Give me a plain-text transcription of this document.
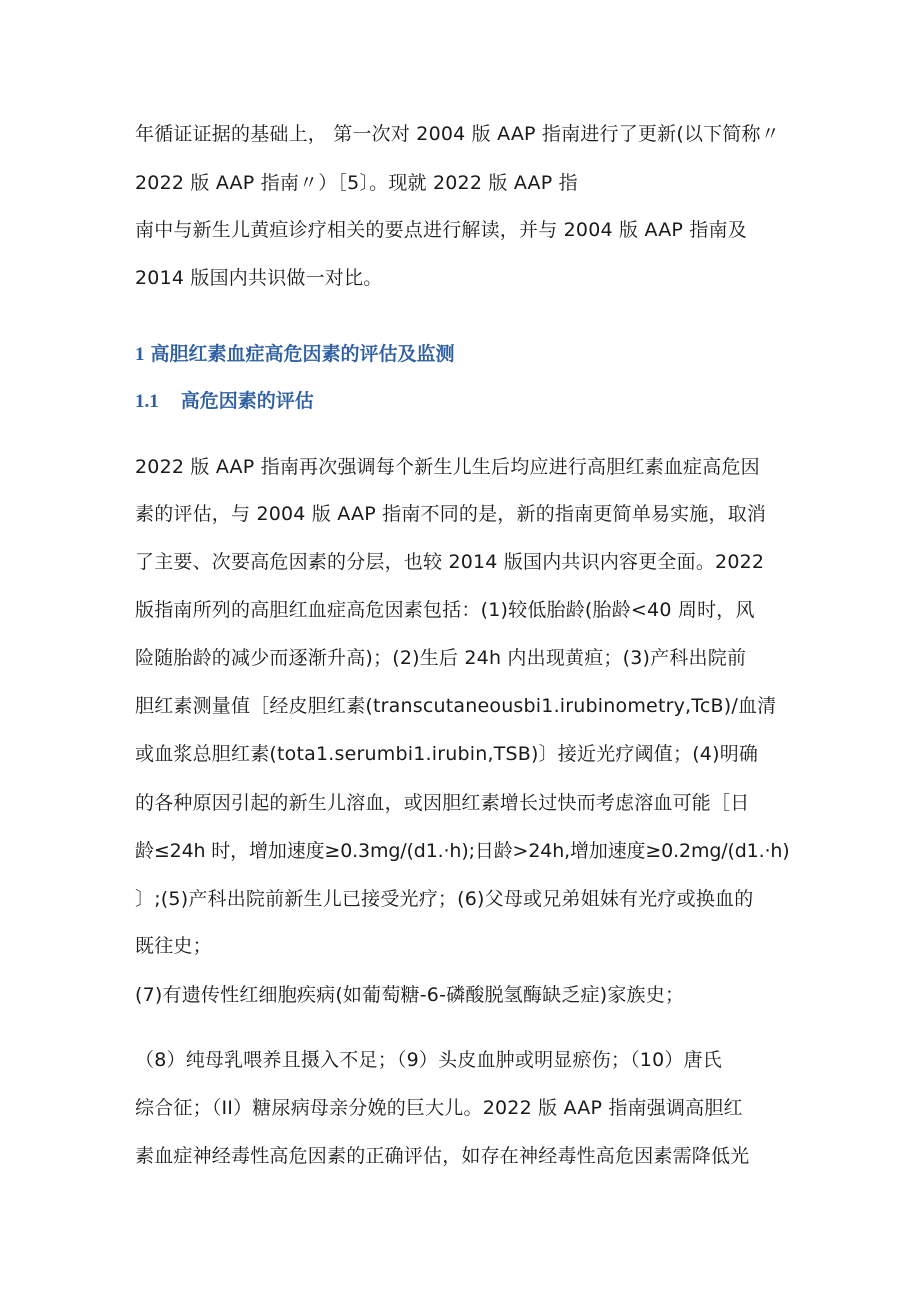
年循证证据的基础上， 第一次对 2004 版 AAP 指南进行了更新(以下简称〃
2022 版 AAP 指南〃）［5〕。现就 2022 版 AAP 指
南中与新生儿黄疸诊疗相关的要点进行解读，并与 2004 版 AAP 指南及
2014 版国内共识做一对比。
1 高胆红素血症高危因素的评估及监测
1.1 高危因素的评估
2022 版 AAP 指南再次强调每个新生儿生后均应进行高胆红素血症高危因
素的评估，与 2004 版 AAP 指南不同的是，新的指南更简单易实施，取消
了主要、次要高危因素的分层，也较 2014 版国内共识内容更全面。2022
版指南所列的高胆红血症高危因素包括：(1)较低胎龄(胎龄<40 周时，风
险随胎龄的减少而逐渐升高)；(2)生后 24h 内出现黄疸；(3)产科出院前
胆红素测量值［经皮胆红素(transcutaneousbi1.irubinometry,TcB)∕血清
或血浆总胆红素(tota1.serumbi1.irubin,TSB)〕接近光疗阈值；(4)明确
的各种原因引起的新生儿溶血，或因胆红素增长过快而考虑溶血可能［日
龄≤24h 时，增加速度≥0.3mg∕(d1.·h);日龄>24h,增加速度≥0.2mg∕(d1.·h)
〕;(5)产科出院前新生儿已接受光疗；(6)父母或兄弟姐妹有光疗或换血的
既往史；
(7)有遗传性红细胞疾病(如葡萄糖-6-磷酸脱氢酶缺乏症)家族史；
（8）纯母乳喂养且摄入不足；（9）头皮血肿或明显瘀伤；（10）唐氏
综合征；（II）糖尿病母亲分娩的巨大儿。2022 版 AAP 指南强调高胆红
素血症神经毒性高危因素的正确评估，如存在神经毒性高危因素需降低光
